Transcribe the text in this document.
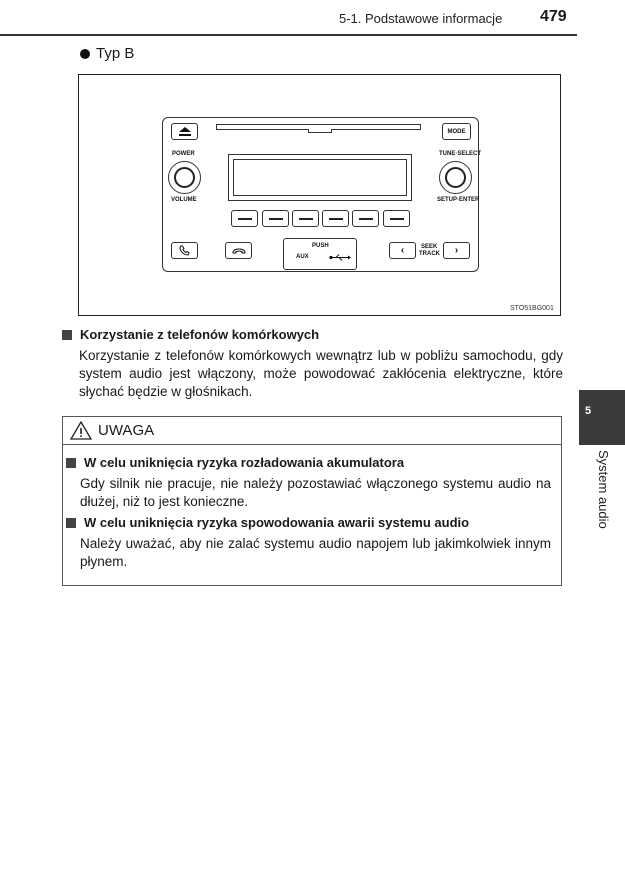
5-1. Podstawowe informacje 479
Typ B
MODE
POWER
VOLUME
TUNE·SELECT
SETUP·ENTER
PUSH
AUX
‹	SEEK
TRACK ›
STO51BG001
Korzystanie z telefonów komórkowych
Korzystanie z telefonów komórkowych wewnątrz lub w pobliżu samochodu, gdy system audio jest włączony, może powodować zakłócenia elektryczne, które słychać będzie w głośnikach.
UWAGA
W celu uniknięcia ryzyka rozładowania akumulatora
Gdy silnik nie pracuje, nie należy pozostawiać włączonego systemu audio na dłużej, niż to jest konieczne.
W celu uniknięcia ryzyka spowodowania awarii systemu audio
Należy uważać, aby nie zalać systemu audio napojem lub jakimkolwiek innym płynem.
5
System audio
